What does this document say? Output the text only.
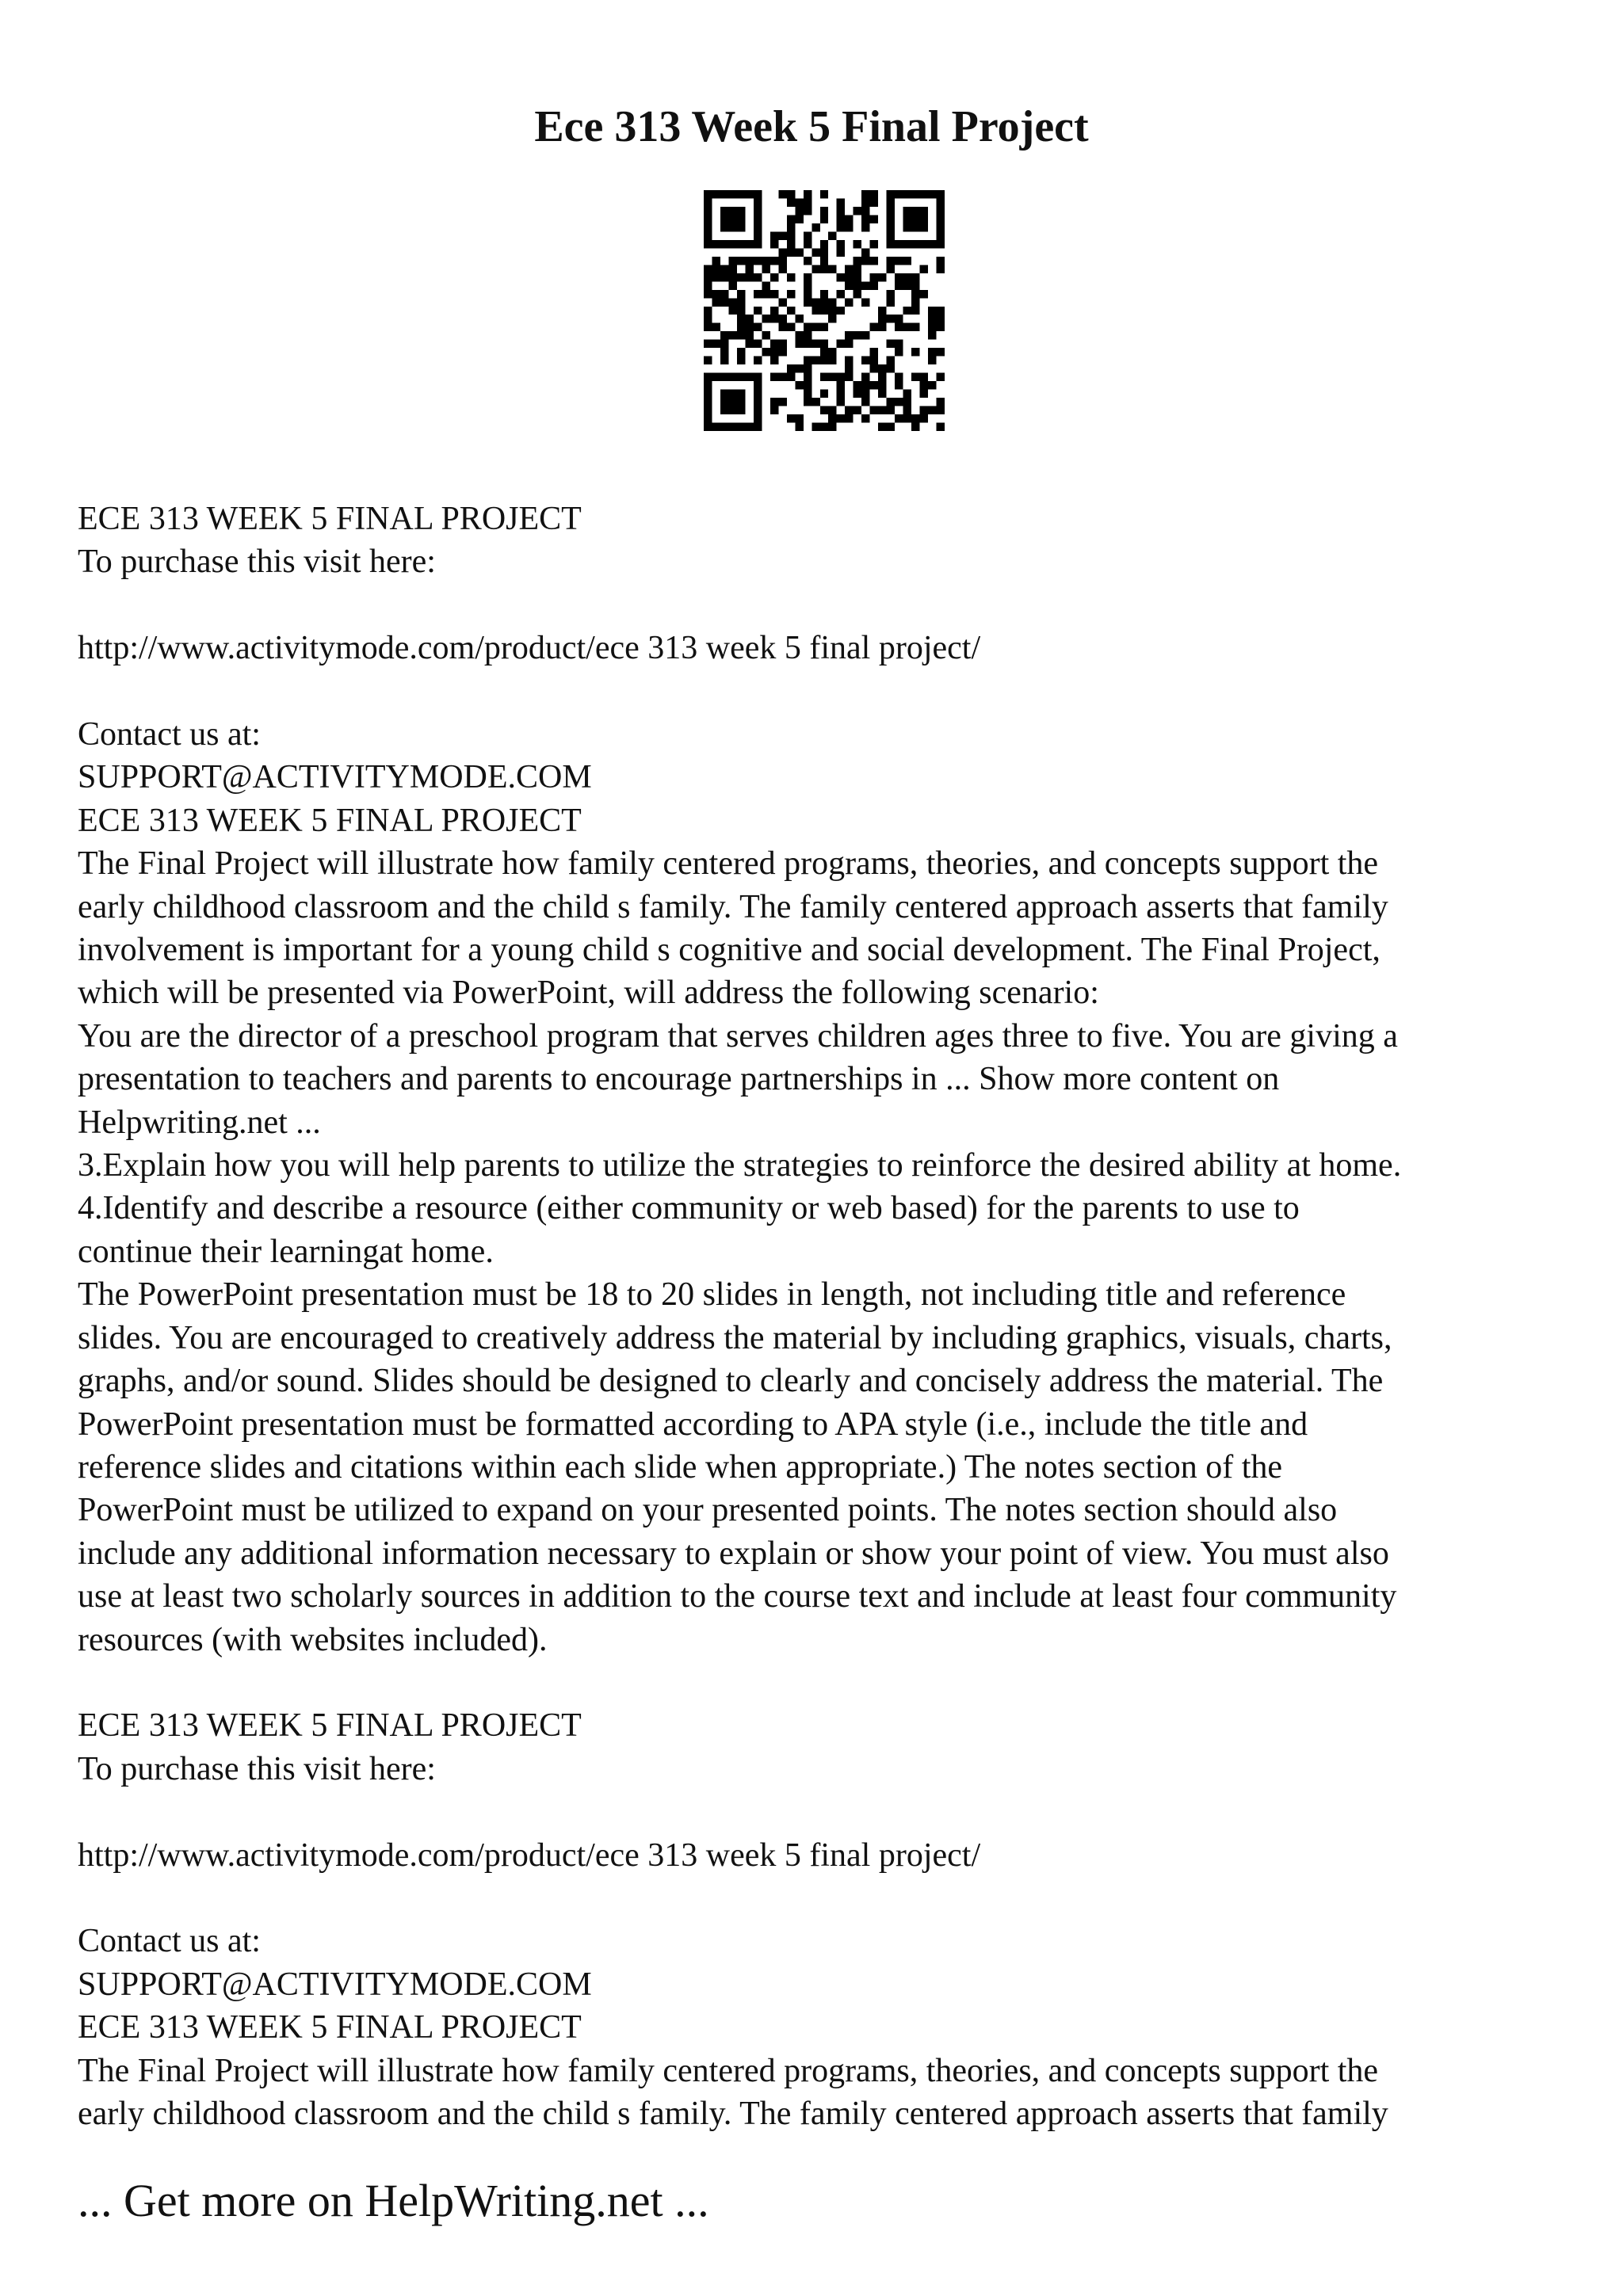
Ece 313 Week 5 Final Project
ECE 313 WEEK 5 FINAL PROJECT
To purchase this visit here:
http://www.activitymode.com/product/ece 313 week 5 final project/
Contact us at:
SUPPORT@ACTIVITYMODE.COM
ECE 313 WEEK 5 FINAL PROJECT
The Final Project will illustrate how family centered programs, theories, and concepts support the
early childhood classroom and the child s family. The family centered approach asserts that family
involvement is important for a young child s cognitive and social development. The Final Project,
which will be presented via PowerPoint, will address the following scenario:
You are the director of a preschool program that serves children ages three to five. You are giving a
presentation to teachers and parents to encourage partnerships in ... Show more content on
Helpwriting.net ...
3.Explain how you will help parents to utilize the strategies to reinforce the desired ability at home.
4.Identify and describe a resource (either community or web based) for the parents to use to
continue their learningat home.
The PowerPoint presentation must be 18 to 20 slides in length, not including title and reference
slides. You are encouraged to creatively address the material by including graphics, visuals, charts,
graphs, and/or sound. Slides should be designed to clearly and concisely address the material. The
PowerPoint presentation must be formatted according to APA style (i.e., include the title and
reference slides and citations within each slide when appropriate.) The notes section of the
PowerPoint must be utilized to expand on your presented points. The notes section should also
include any additional information necessary to explain or show your point of view. You must also
use at least two scholarly sources in addition to the course text and include at least four community
resources (with websites included).
ECE 313 WEEK 5 FINAL PROJECT
To purchase this visit here:
http://www.activitymode.com/product/ece 313 week 5 final project/
Contact us at:
SUPPORT@ACTIVITYMODE.COM
ECE 313 WEEK 5 FINAL PROJECT
The Final Project will illustrate how family centered programs, theories, and concepts support the
early childhood classroom and the child s family. The family centered approach asserts that family
... Get more on HelpWriting.net ...
